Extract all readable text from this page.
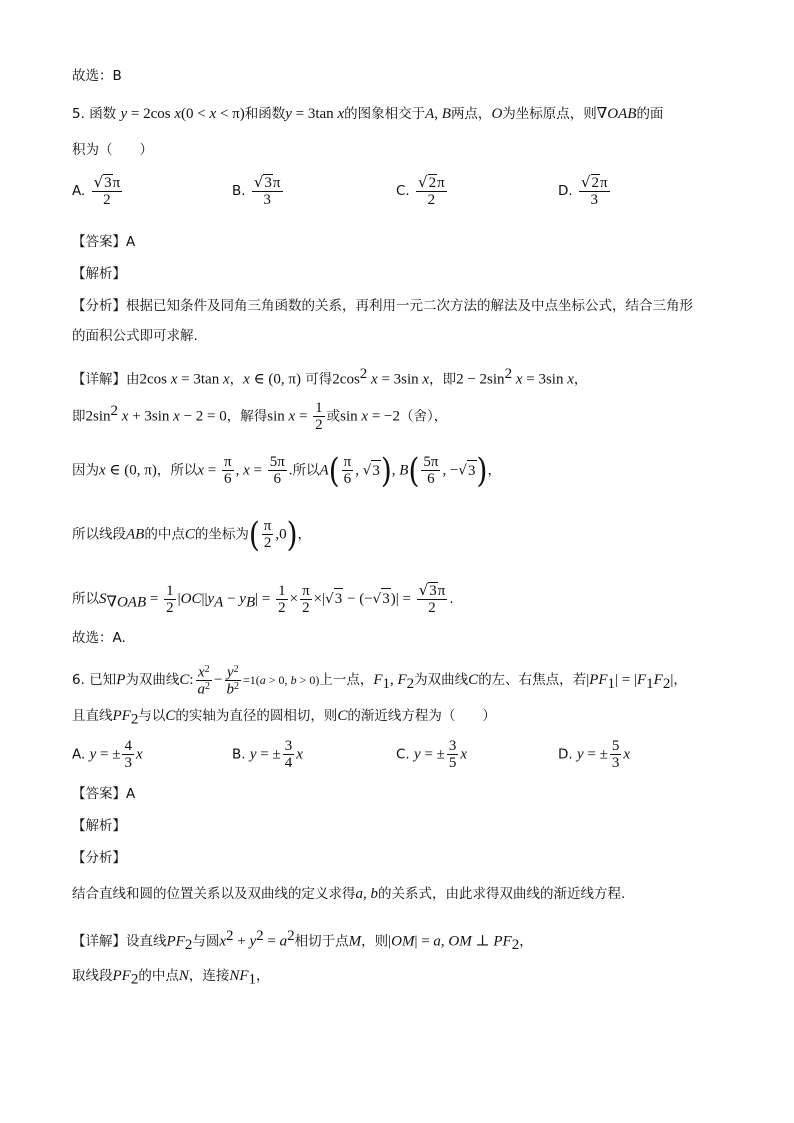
故选：B
5. 函数 y = 2cos x(0 < x < π)和函数y = 3tan x的图象相交于A, B两点，O为坐标原点，则∇OAB的面
积为（　　）
A. $\frac{√3\pi}{2}$	B. $\frac{√3\pi}{3}$	C. $\frac{√2\pi}{2}$	D. $\frac{√2\pi}{3}$
【答案】A
【解析】
【分析】根据已知条件及同角三角函数的关系，再利用一元二次方法的解法及中点坐标公式，结合三角形
的面积公式即可求解.
【详解】由2cos x = 3tan x，x ∈ (0, π) 可得$2\cos^2$ x = 3sin x，即$2 - 2\sin^2$ x = 3sin x，
即$2\sin^2$ x + 3sin x − 2 = 0，解得$\sin x = \frac{1}{2}$ 或sin x = −2（舍），
因为x ∈ (0, π)，所以$x = \frac{\pi}{6}$ , $x = \frac{5\pi}{6}$ .所以$A( \frac{\pi}{6}$ , √3), $B( \frac{5\pi}{6}$ , −√3)，
所以线段AB的中点C的坐标为( $\frac{\pi}{2} ,0$)，
所以$S_{\nabla OAB} = \frac{1}{2} |OC||y_A - y_B| = \frac{1}{2} \times \frac{\pi}{2} \times|√3 - (-√3)| = \frac{√3\pi}{2}$ .
故选：A.
6. 已知P为双曲线C: $\frac{x^2}{a^2} - \frac{y^2}{b^2} =1(a > 0$, b > 0)上一点，$F_1$, $F_2$为双曲线C的左、右焦点，若$|PF_1| = |F_1F_2|$，
且直线$PF_2$与以C的实轴为直径的圆相切，则C的渐近线方程为（　　）
A. y = ± $\frac{4}{3}$ x	B. y = ± $\frac{3}{4}$ x	C. y = ± $\frac{3}{5}$ x	D. y = ± $\frac{5}{3}$ x
【答案】A
【解析】
【分析】
结合直线和圆的位置关系以及双曲线的定义求得a, b的关系式，由此求得双曲线的渐近线方程.
【详解】设直线$PF_2$与圆$x^2 + y^2 = a^2$相切于点M，则|OM| = a, OM ⊥ $PF_2$，
取线段$PF_2$的中点N，连接$NF_1$，
